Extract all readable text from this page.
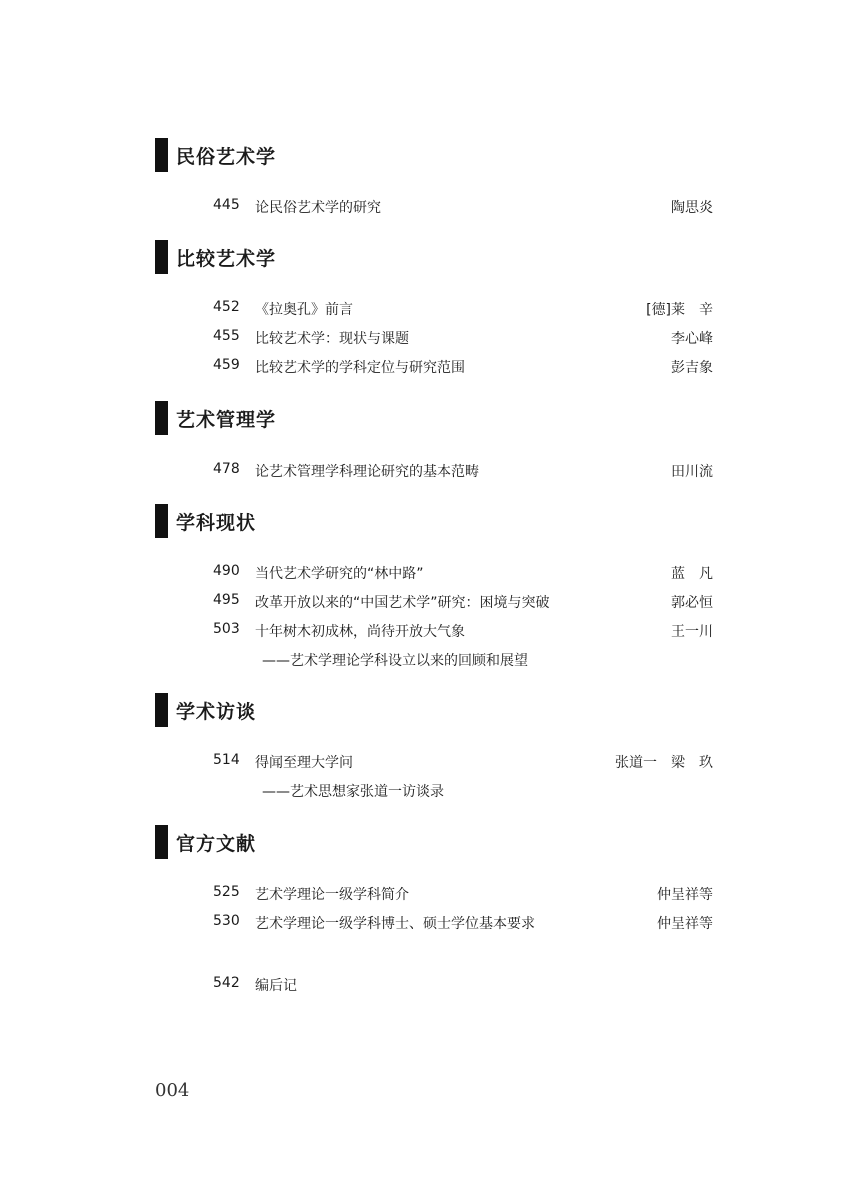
民俗艺术学
445 论民俗艺术学的研究	陶思炎
比较艺术学
452 《拉奥孔》前言	[德]莱　辛
455 比较艺术学：现状与课题	李心峰
459 比较艺术学的学科定位与研究范围	彭吉象
艺术管理学
478 论艺术管理学科理论研究的基本范畴	田川流
学科现状
490 当代艺术学研究的“林中路”	蓝　凡
495 改革开放以来的“中国艺术学”研究：困境与突破	郭必恒
503 十年树木初成林，尚待开放大气象	王一川
——艺术学理论学科设立以来的回顾和展望
学术访谈
514 得闻至理大学问	张道一　梁　玖
——艺术思想家张道一访谈录
官方文献
525 艺术学理论一级学科简介	仲呈祥等
530 艺术学理论一级学科博士、硕士学位基本要求	仲呈祥等
542 编后记
004
